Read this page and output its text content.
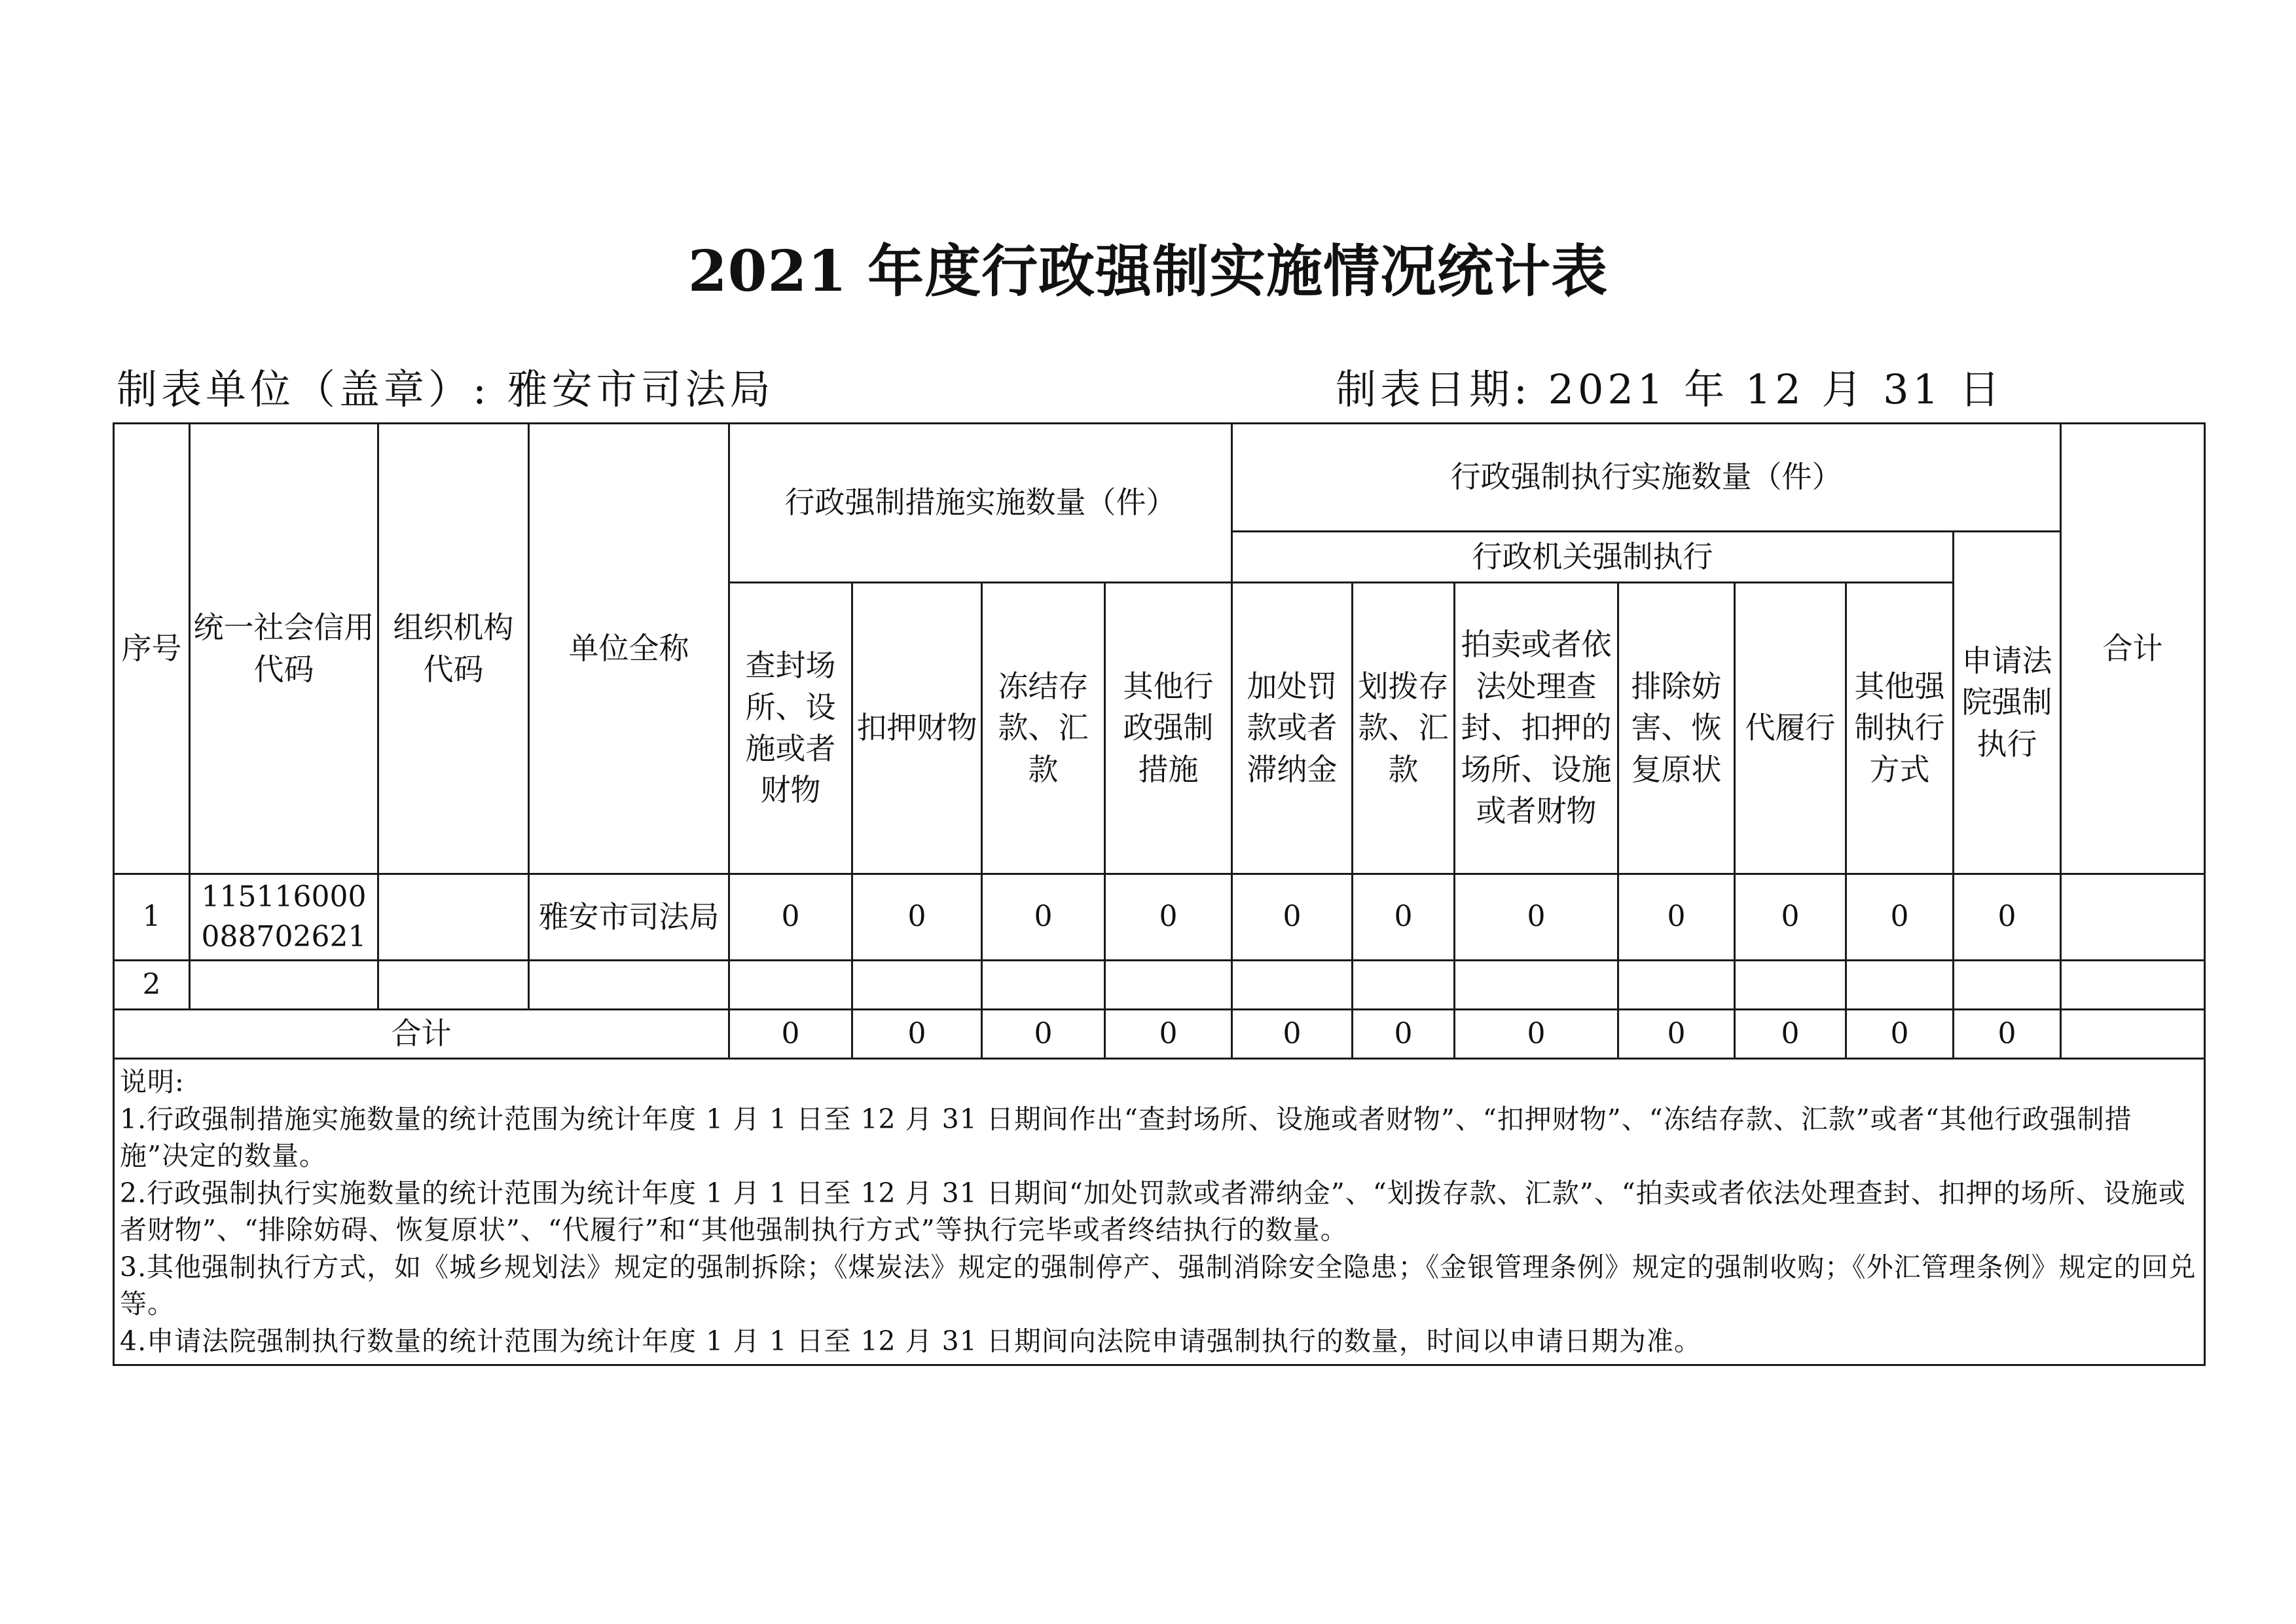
2021 年度行政强制实施情况统计表
制表单位（盖章）: 雅安市司法局	制表日期: 2021 年 12 月 31 日
序号	统一社会信用代码	组织机构代码	单位全称	行政强制措施实施数量（件）				行政强制执行实施数量（件）							合计
								行政机关强制执行						申请法院强制执行	
				查封场所、设施或者财物	扣押财物	冻结存款、汇款	其他行政强制措施	加处罚款或者滞纳金	划拨存款、汇款	拍卖或者依法处理查封、扣押的场所、设施或者财物	排除妨害、恢复原状	代履行	其他强制执行方式		
1	115116000088702621		雅安市司法局	0	0	0	0	0	0	0	0	0	0	0	
2															
合计				0	0	0	0	0	0	0	0	0	0	0	

说明:
1.行政强制措施实施数量的统计范围为统计年度 1 月 1 日至 12 月 31 日期间作出“查封场所、设施或者财物”、“扣押财物”、“冻结存款、汇款”或者“其他行政强制措施”决定的数量。
2.行政强制执行实施数量的统计范围为统计年度 1 月 1 日至 12 月 31 日期间“加处罚款或者滞纳金”、“划拨存款、汇款”、“拍卖或者依法处理查封、扣押的场所、设施或者财物”、“排除妨碍、恢复原状”、“代履行”和“其他强制执行方式”等执行完毕或者终结执行的数量。
3.其他强制执行方式，如《城乡规划法》规定的强制拆除；《煤炭法》规定的强制停产、强制消除安全隐患；《金银管理条例》规定的强制收购；《外汇管理条例》规定的回兑等。
4.申请法院强制执行数量的统计范围为统计年度 1 月 1 日至 12 月 31 日期间向法院申请强制执行的数量，时间以申请日期为准。															
